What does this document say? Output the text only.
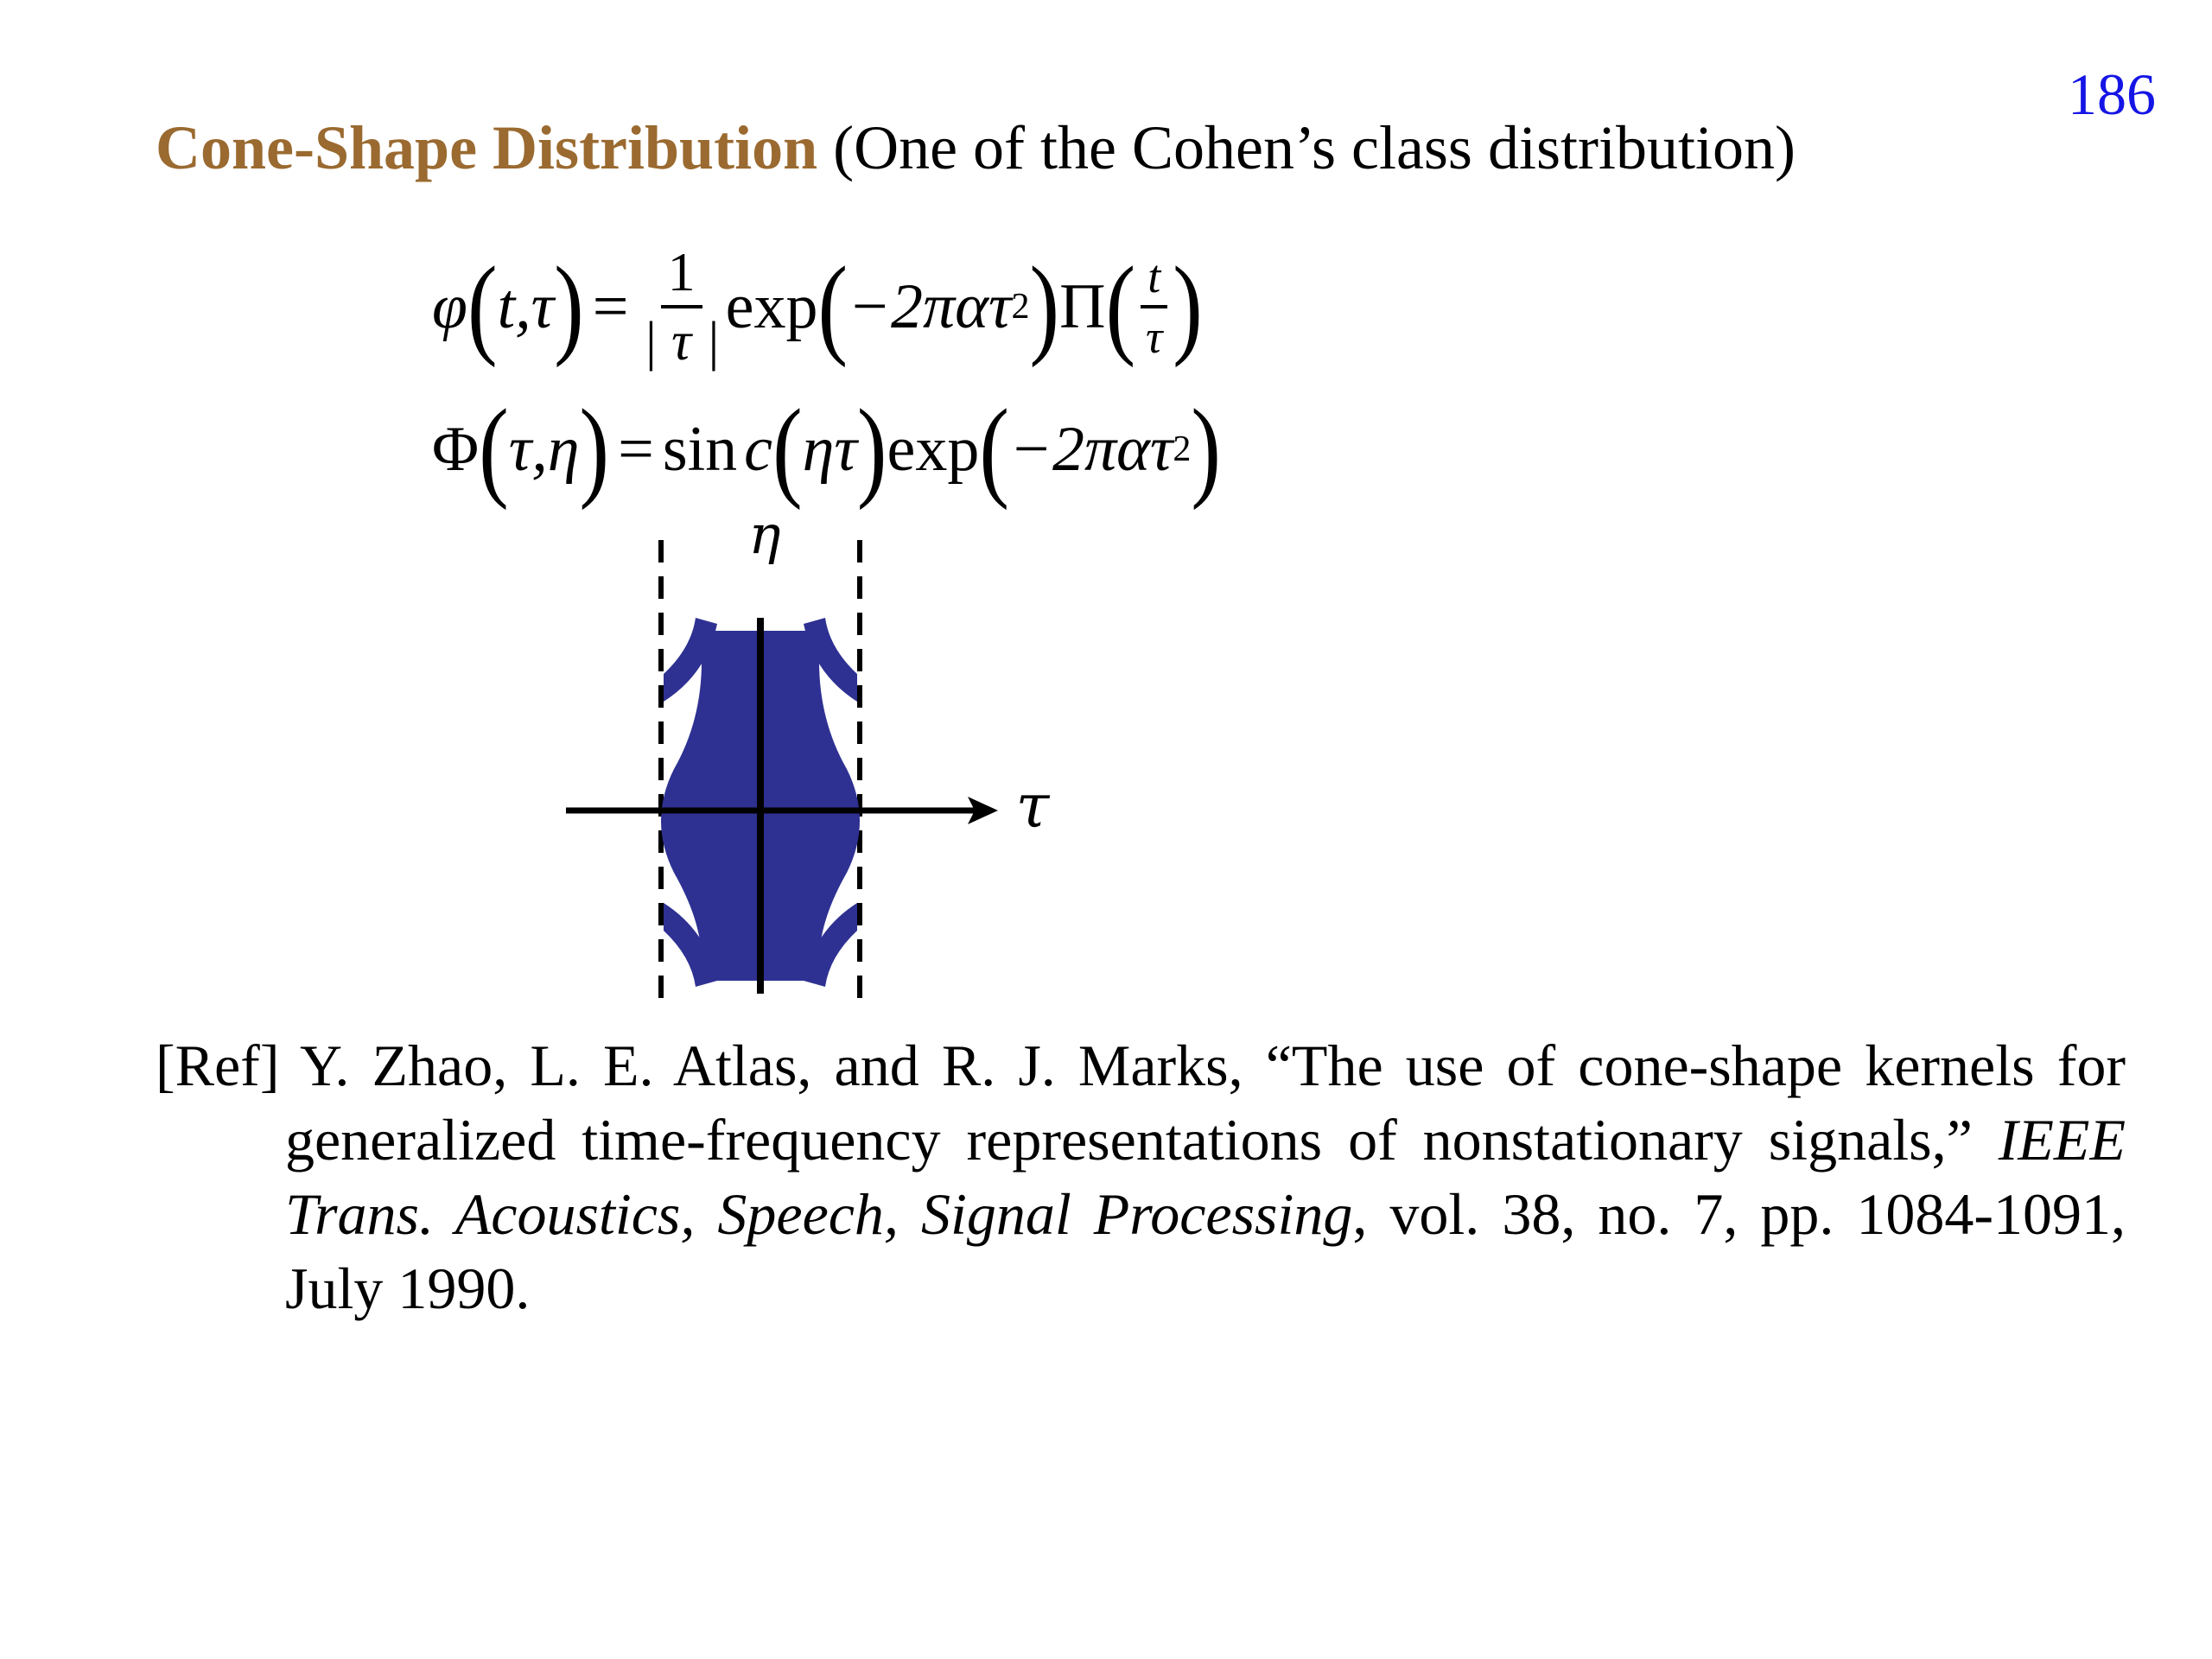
186
Cone-Shape Distribution (One of the Cohen’s class distribution)
φ ( t,τ ) = $\frac{1}{| \tau |}$ exp ( −2πατ 2 ) Π ( $\frac{t}{\tau}$ )
Φ ( τ,η ) = sin c ( ητ ) exp ( −2πατ 2 )
η
τ

[Ref] Y. Zhao, L. E. Atlas, and R. J. Marks, “The use of cone-shape kernels for generalized time-frequency representations of nonstationary signals,” IEEE Trans. Acoustics, Speech, Signal Processing, vol. 38, no. 7, pp. 1084-1091, July 1990.
